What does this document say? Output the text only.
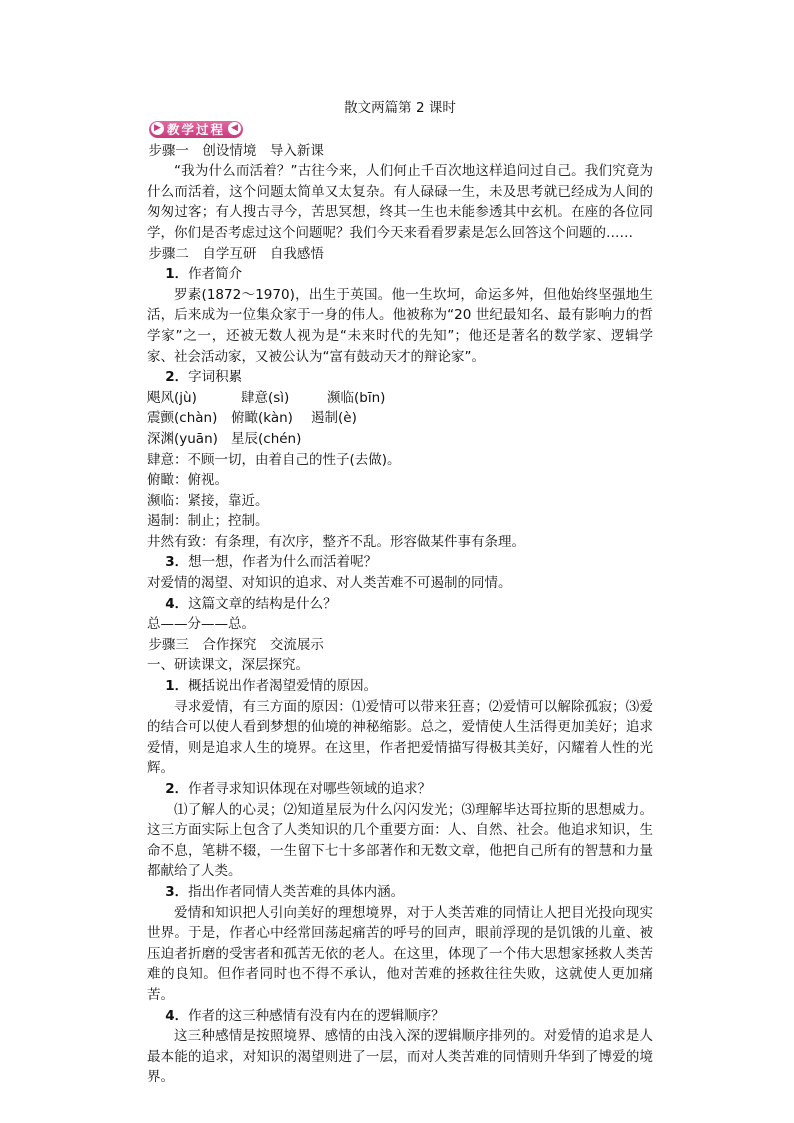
散文两篇第 2 课时
▶ 教学过程 ◀

步骤一　创设情境　导入新课

“我为什么而活着？”古往今来，人们何止千百次地这样追问过自己。我们究竟为什么而活着，这个问题太简单又太复杂。有人碌碌一生，未及思考就已经成为人间的匆匆过客；有人搜古寻今，苦思冥想，终其一生也未能参透其中玄机。在座的各位同学，你们是否考虑过这个问题呢？我们今天来看看罗素是怎么回答这个问题的……

步骤二　自学互研　自我感悟

1．作者简介

罗素(1872～1970)，出生于英国。他一生坎坷，命运多舛，但他始终坚强地生活，后来成为一位集众家于一身的伟人。他被称为“20 世纪最知名、最有影响力的哲学家”之一，还被无数人视为是“未来时代的先知”；他还是著名的数学家、逻辑学家、社会活动家，又被公认为“富有鼓动天才的辩论家”。

2．字词积累

飓风(jù)	肆意(sì)	濒临(bīn)

震颤(chàn) 俯瞰(kàn) 遏制(è)

深渊(yuān) 星辰(chén)

肆意：不顾一切，由着自己的性子(去做)。

俯瞰：俯视。

濒临：紧接，靠近。

遏制：制止；控制。

井然有致：有条理，有次序，整齐不乱。形容做某件事有条理。

3．想一想，作者为什么而活着呢？

对爱情的渴望、对知识的追求、对人类苦难不可遏制的同情。

4．这篇文章的结构是什么？

总——分——总。

步骤三　合作探究　交流展示

一、研读课文，深层探究。

1．概括说出作者渴望爱情的原因。

寻求爱情，有三方面的原因：⑴爱情可以带来狂喜；⑵爱情可以解除孤寂；⑶爱的结合可以使人看到梦想的仙境的神秘缩影。总之，爱情使人生活得更加美好；追求爱情，则是追求人生的境界。在这里，作者把爱情描写得极其美好，闪耀着人性的光辉。

2．作者寻求知识体现在对哪些领域的追求？

⑴了解人的心灵；⑵知道星辰为什么闪闪发光；⑶理解毕达哥拉斯的思想威力。这三方面实际上包含了人类知识的几个重要方面：人、自然、社会。他追求知识，生命不息，笔耕不辍，一生留下七十多部著作和无数文章，他把自己所有的智慧和力量都献给了人类。

3．指出作者同情人类苦难的具体内涵。

爱情和知识把人引向美好的理想境界，对于人类苦难的同情让人把目光投向现实世界。于是，作者心中经常回荡起痛苦的呼号的回声，眼前浮现的是饥饿的儿童、被压迫者折磨的受害者和孤苦无依的老人。在这里，体现了一个伟大思想家拯救人类苦难的良知。但作者同时也不得不承认，他对苦难的拯救往往失败，这就使人更加痛苦。

4．作者的这三种感情有没有内在的逻辑顺序？

这三种感情是按照境界、感情的由浅入深的逻辑顺序排列的。对爱情的追求是人最本能的追求，对知识的渴望则进了一层，而对人类苦难的同情则升华到了博爱的境界。
